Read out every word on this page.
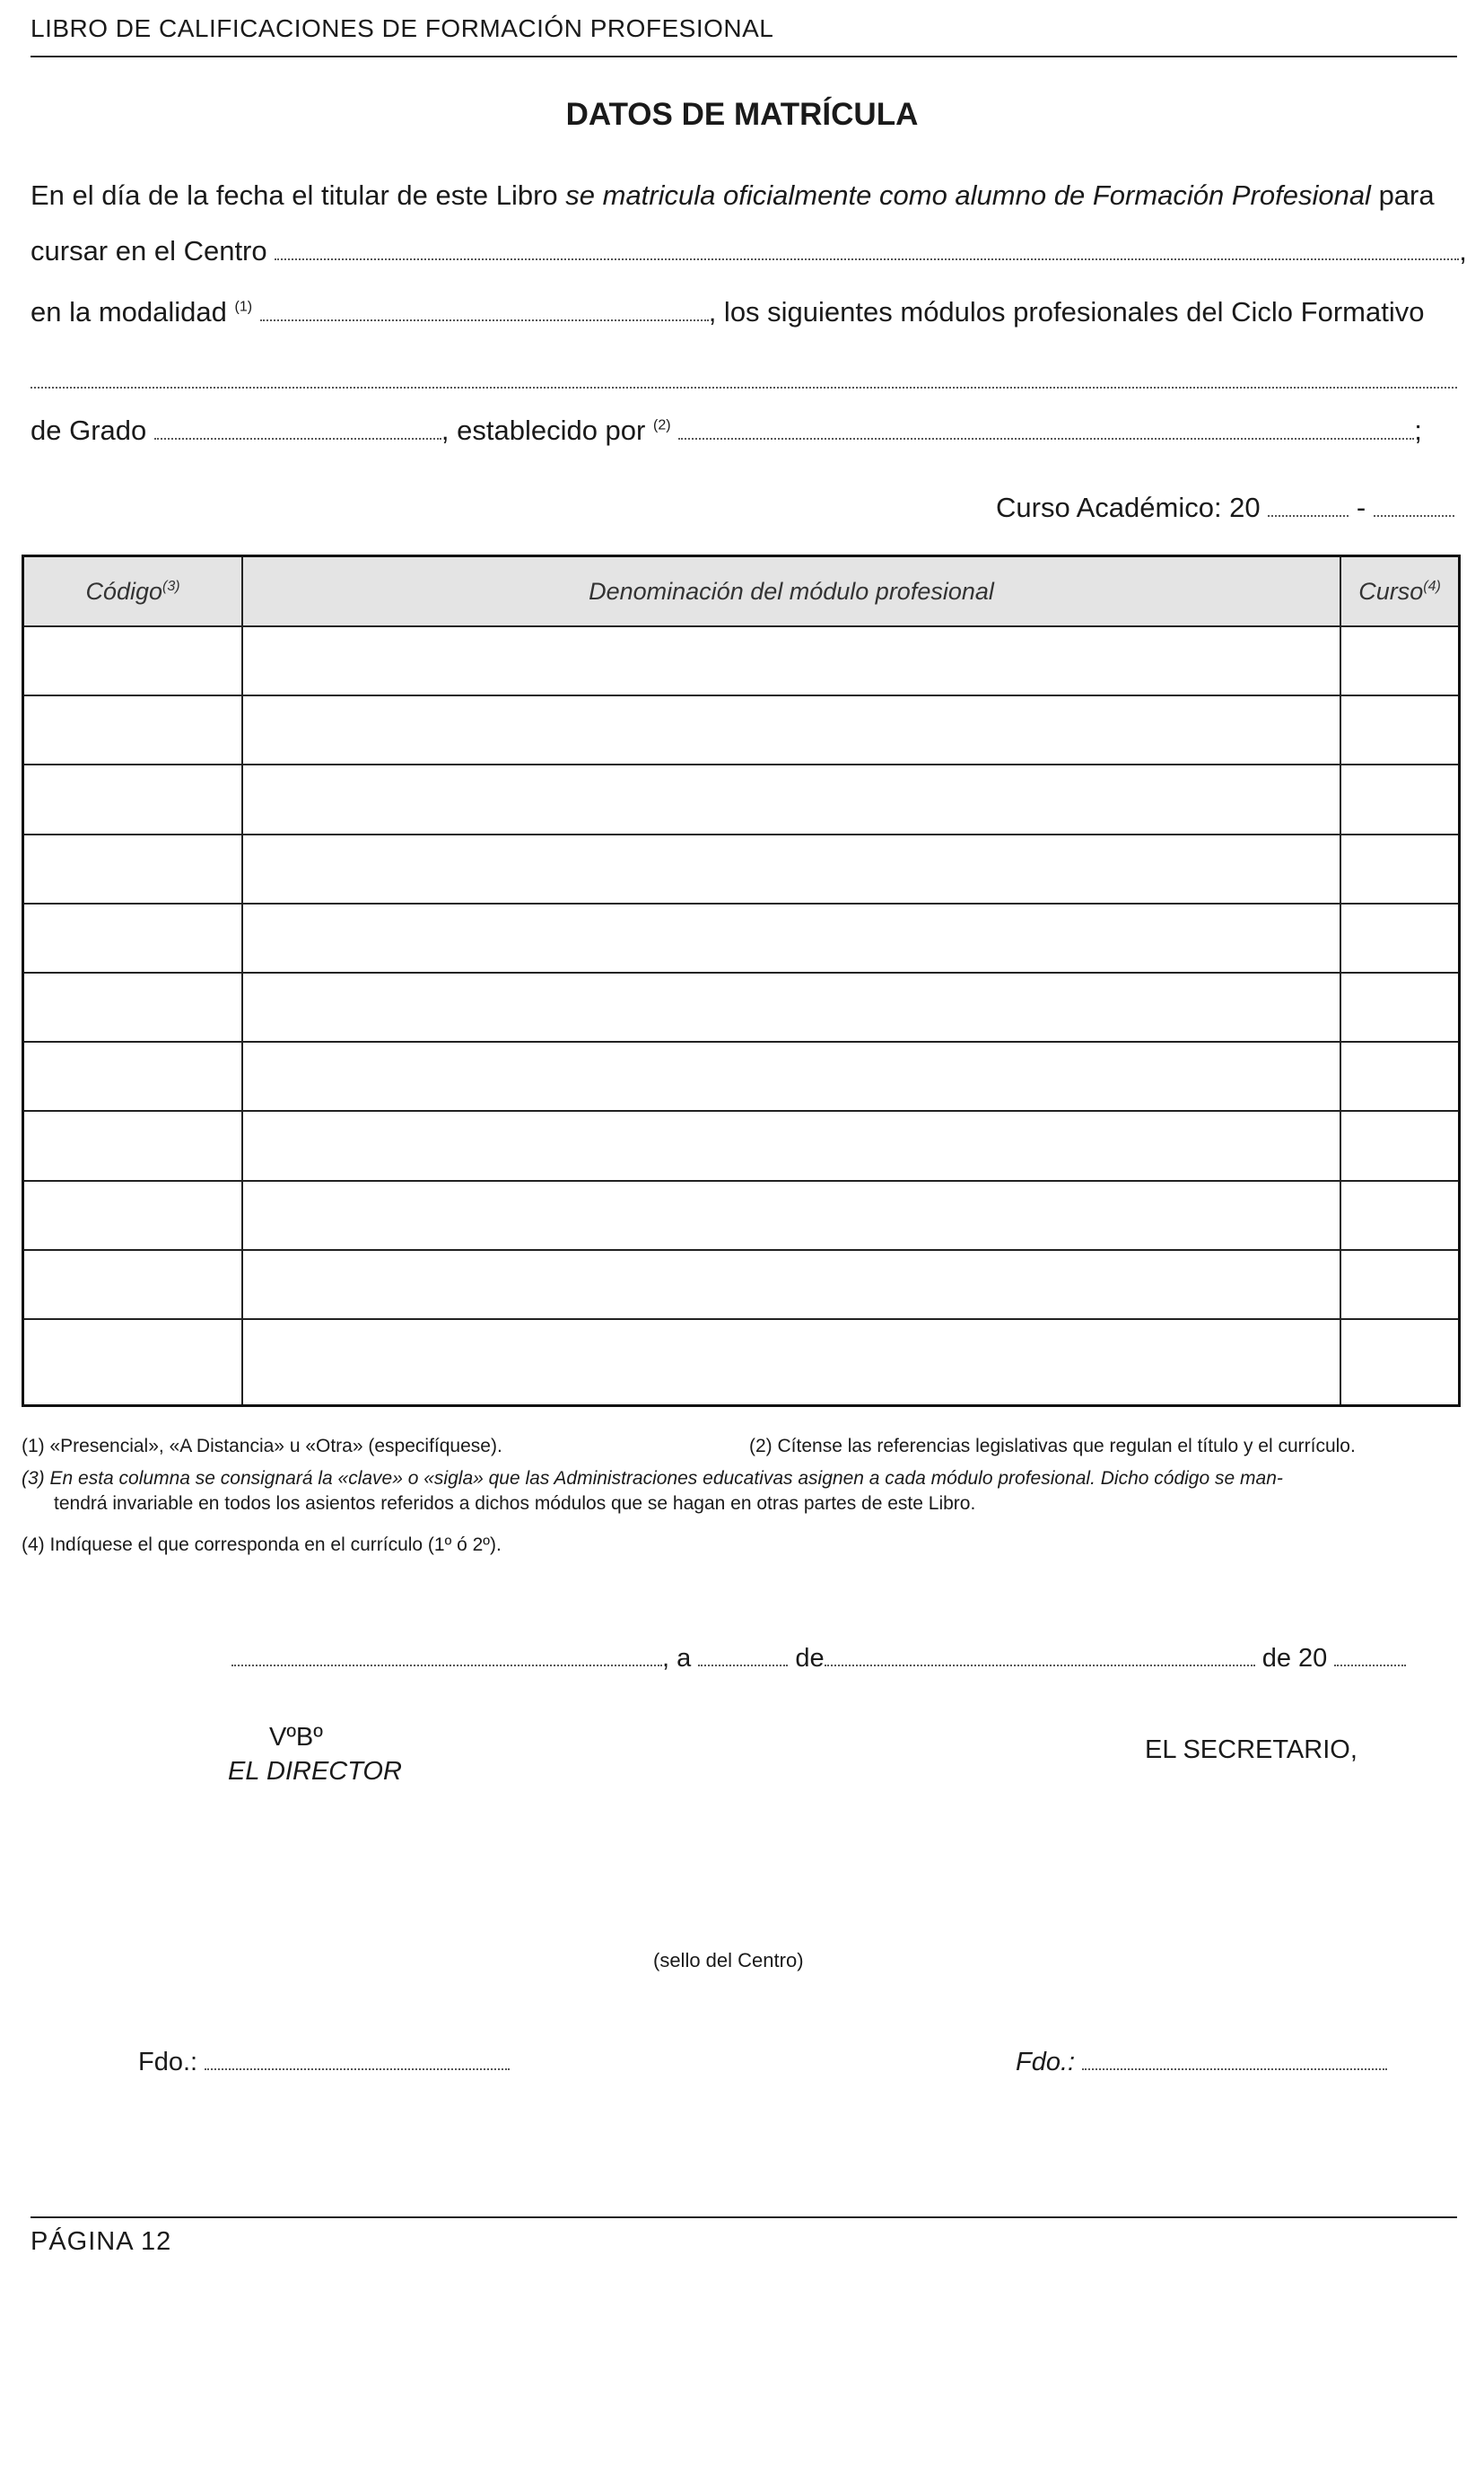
LIBRO DE CALIFICACIONES DE FORMACIÓN PROFESIONAL
DATOS DE MATRÍCULA
En el día de la fecha el titular de este Libro se matricula oficialmente como alumno de Formación Profesional para
cursar en el Centro	,
en la modalidad $^{(1)}$	, los siguientes módulos profesionales del Ciclo Formativo
de Grado	, establecido por $^{(2)}$	;
Curso Académico: 20	-
Código$^{(3)}$	Denominación del módulo profesional	Curso$^{(4)}$

(1) «Presencial», «A Distancia» u «Otra» (especifíquese).	(2) Cítense las referencias legislativas que regulan el título y el currículo.
(3) En esta columna se consignará la «clave» o «sigla» que las Administraciones educativas asignen a cada módulo profesional. Dicho código se man-
tendrá invariable en todos los asientos referidos a dichos módulos que se hagan en otras partes de este Libro.
(4) Indíquese el que corresponda en el currículo (1º ó 2º).
, a	de	de 20
VºBº
EL DIRECTOR
EL SECRETARIO,
(sello del Centro)
Fdo.:	Fdo.:
PÁGINA 12
